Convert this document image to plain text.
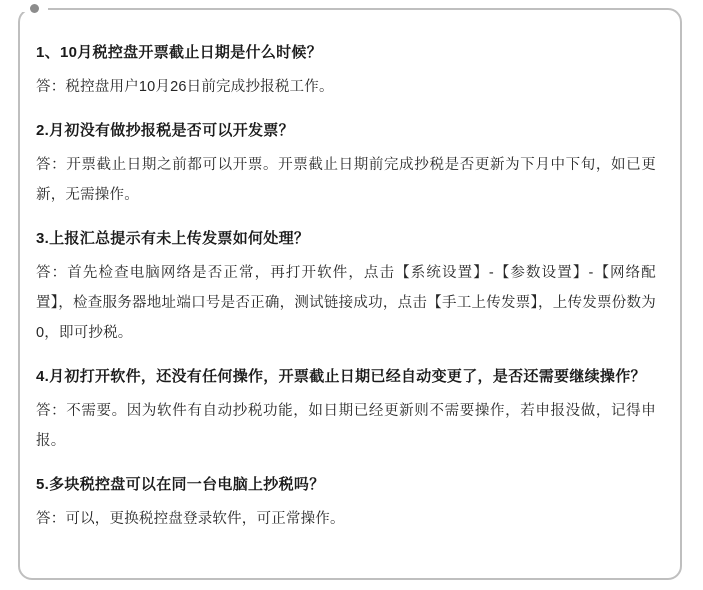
1、10月税控盘开票截止日期是什么时候？

答：税控盘用户10月26日前完成抄报税工作。

2.月初没有做抄报税是否可以开发票？

答：开票截止日期之前都可以开票。开票截止日期前完成抄税是否更新为下月中下旬，如已更新，无需操作。

3.上报汇总提示有未上传发票如何处理？

答：首先检查电脑网络是否正常，再打开软件，点击【系统设置】-【参数设置】-【网络配置】，检查服务器地址端口号是否正确，测试链接成功，点击【手工上传发票】，上传发票份数为0，即可抄税。

4.月初打开软件，还没有任何操作，开票截止日期已经自动变更了，是否还需要继续操作？

答：不需要。因为软件有自动抄税功能，如日期已经更新则不需要操作，若申报没做，记得申报。

5.多块税控盘可以在同一台电脑上抄税吗？

答：可以，更换税控盘登录软件，可正常操作。
